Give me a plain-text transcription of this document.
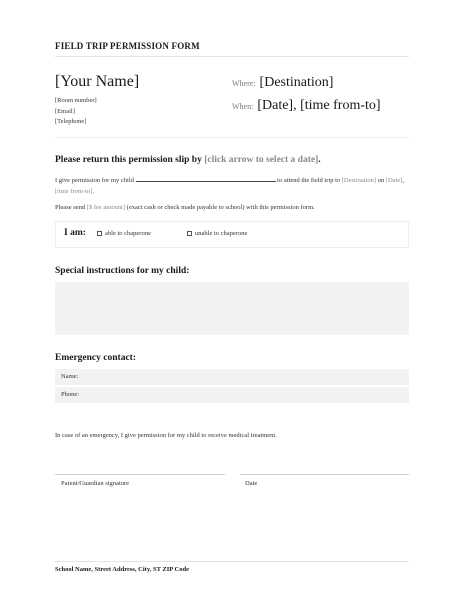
FIELD TRIP PERMISSION FORM
[Your Name]
[Room number]
[Email]
[Telephone]
Where: [Destination]
When: [Date], [time from-to]
Please return this permission slip by [click arrow to select a date].
I give permission for my child	to attend the field trip to [Destination] on [Date], [time from-to].
Please send [$ fee amount] (exact cash or check made payable to school) with this permission form.
I am:	able to chaperone	unable to chaperone
Special instructions for my child:
Emergency contact:
Name:
Phone:
In case of an emergency, I give permission for my child to receive medical treatment.
Parent/Guardian signature	Date
School Name, Street Address, City, ST ZIP Code
